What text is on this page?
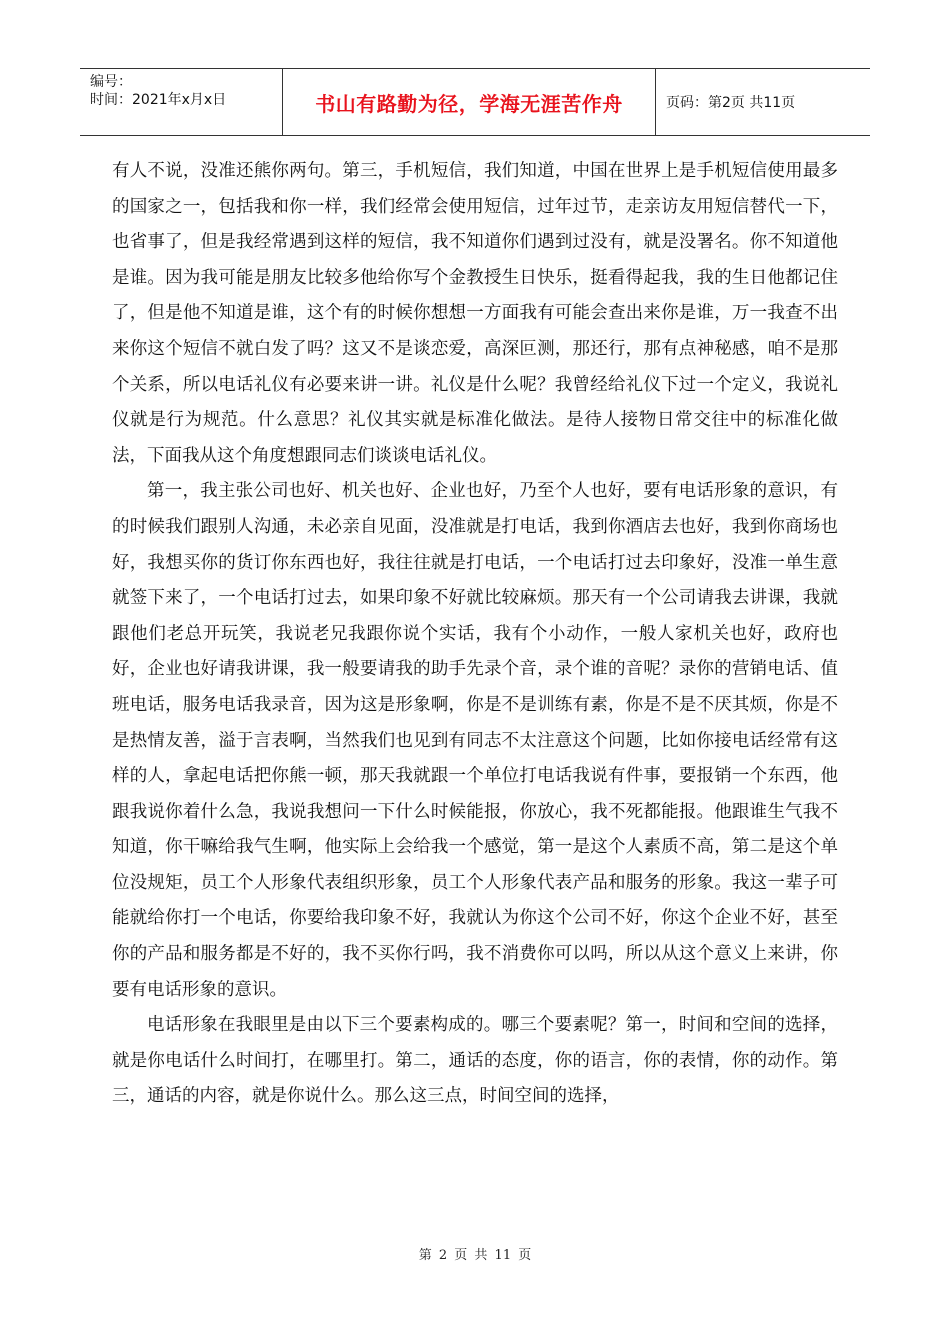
编号：
时间：2021年x月x日	书山有路勤为径，学海无涯苦作舟	页码：第2页 共11页

有人不说，没准还熊你两句。第三，手机短信，我们知道，中国在世界上是手机短信使用最多的国家之一，包括我和你一样，我们经常会使用短信，过年过节，走亲访友用短信替代一下，也省事了，但是我经常遇到这样的短信，我不知道你们遇到过没有，就是没署名。你不知道他是谁。因为我可能是朋友比较多他给你写个金教授生日快乐，挺看得起我，我的生日他都记住了，但是他不知道是谁，这个有的时候你想想一方面我有可能会查出来你是谁，万一我查不出来你这个短信不就白发了吗？这又不是谈恋爱，高深叵测，那还行，那有点神秘感，咱不是那个关系，所以电话礼仪有必要来讲一讲。礼仪是什么呢？我曾经给礼仪下过一个定义，我说礼仪就是行为规范。什么意思？礼仪其实就是标准化做法。是待人接物日常交往中的标准化做法，下面我从这个角度想跟同志们谈谈电话礼仪。

第一，我主张公司也好、机关也好、企业也好，乃至个人也好，要有电话形象的意识，有的时候我们跟别人沟通，未必亲自见面，没准就是打电话，我到你酒店去也好，我到你商场也好，我想买你的货订你东西也好，我往往就是打电话，一个电话打过去印象好，没准一单生意就签下来了，一个电话打过去，如果印象不好就比较麻烦。那天有一个公司请我去讲课，我就跟他们老总开玩笑，我说老兄我跟你说个实话，我有个小动作，一般人家机关也好，政府也好，企业也好请我讲课，我一般要请我的助手先录个音，录个谁的音呢？录你的营销电话、值班电话，服务电话我录音，因为这是形象啊，你是不是训练有素，你是不是不厌其烦，你是不是热情友善，溢于言表啊，当然我们也见到有同志不太注意这个问题，比如你接电话经常有这样的人，拿起电话把你熊一顿，那天我就跟一个单位打电话我说有件事，要报销一个东西，他跟我说你着什么急，我说我想问一下什么时候能报，你放心，我不死都能报。他跟谁生气我不知道，你干嘛给我气生啊，他实际上会给我一个感觉，第一是这个人素质不高，第二是这个单位没规矩，员工个人形象代表组织形象，员工个人形象代表产品和服务的形象。我这一辈子可能就给你打一个电话，你要给我印象不好，我就认为你这个公司不好，你这个企业不好，甚至你的产品和服务都是不好的，我不买你行吗，我不消费你可以吗，所以从这个意义上来讲，你要有电话形象的意识。

电话形象在我眼里是由以下三个要素构成的。哪三个要素呢？第一，时间和空间的选择，就是你电话什么时间打，在哪里打。第二，通话的态度，你的语言，你的表情，你的动作。第三，通话的内容，就是你说什么。那么这三点，时间空间的选择，

第 2 页 共 11 页
